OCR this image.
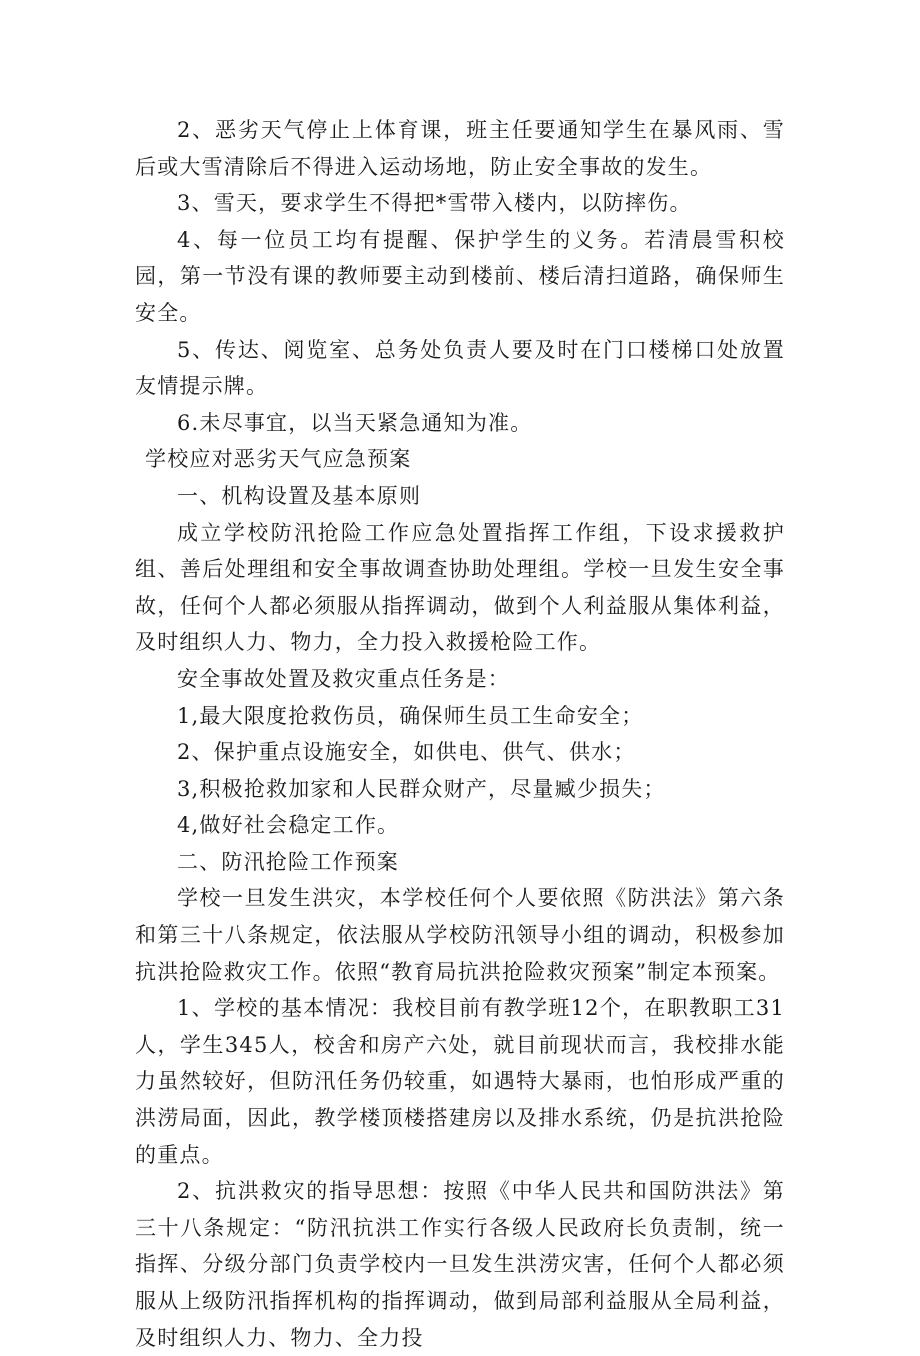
2、恶劣天气停止上体育课，班主任要通知学生在暴风雨、雪后或大雪清除后不得进入运动场地，防止安全事故的发生。

3、雪天，要求学生不得把*雪带入楼内，以防摔伤。

4、每一位员工均有提醒、保护学生的义务。若清晨雪积校园，第一节没有课的教师要主动到楼前、楼后清扫道路，确保师生安全。

5、传达、阅览室、总务处负责人要及时在门口楼梯口处放置友情提示牌。

6.未尽事宜，以当天紧急通知为准。

学校应对恶劣天气应急预案

一、机构设置及基本原则

成立学校防汛抢险工作应急处置指挥工作组，下设求援救护组、善后处理组和安全事故调查协助处理组。学校一旦发生安全事故，任何个人都必须服从指挥调动，做到个人利益服从集体利益，及时组织人力、物力，全力投入救援枪险工作。

安全事故处置及救灾重点任务是：

1,最大限度抢救伤员，确保师生员工生命安全；

2、保护重点设施安全，如供电、供气、供水；

3,积极抢救加家和人民群众财产，尽量臧少损失；

4,做好社会稳定工作。

二、防汛抢险工作预案

学校一旦发生洪灾，本学校任何个人要依照《防洪法》第六条和第三十八条规定，依法服从学校防汛领导小组的调动，积极参加抗洪抢险救灾工作。依照“教育局抗洪抢险救灾预案”制定本预案。

1、学校的基本情况：我校目前有教学班12个，在职教职工31人，学生345人，校舍和房产六处，就目前现状而言，我校排水能力虽然较好，但防汛任务仍较重，如遇特大暴雨，也怕形成严重的洪涝局面，因此，教学楼顶楼搭建房以及排水系统，仍是抗洪抢险的重点。

2、抗洪救灾的指导思想：按照《中华人民共和国防洪法》第三十八条规定：“防汛抗洪工作实行各级人民政府长负责制，统一指挥、分级分部门负责学校内一旦发生洪涝灾害，任何个人都必须服从上级防汛指挥机构的指挥调动，做到局部利益服从全局利益，及时组织人力、物力、全力投
